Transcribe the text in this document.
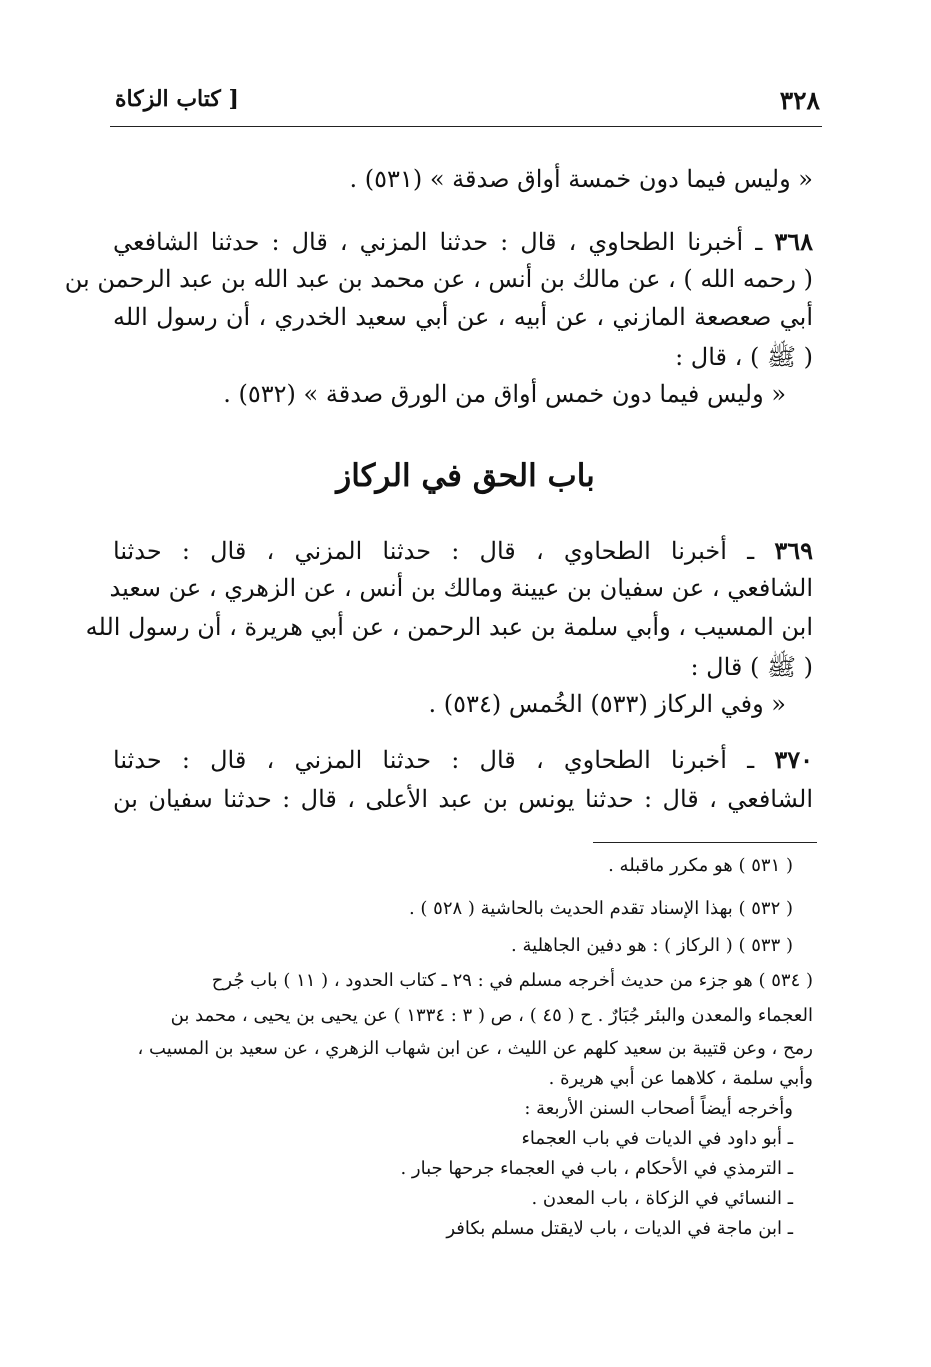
٣٢٨
[ كتاب الزكاة
« وليس فيما دون خمسة أواق صدقة » (٥٣١) .
٣٦٨ ـ أخبرنا الطحاوي ، قال : حدثنا المزني ، قال : حدثنا الشافعي
( رحمه الله ) ، عن مالك بن أنس ، عن محمد بن عبد الله بن عبد الرحمن بن
أبي صعصعة المازني ، عن أبيه ، عن أبي سعيد الخدري ، أن رسول الله
( ﷺ ) ، قال :
« وليس فيما دون خمس أواق من الورق صدقة » (٥٣٢) .
باب الحق في الركاز
٣٦٩ ـ أخبرنا الطحاوي ، قال : حدثنا المزني ، قال : حدثنا
الشافعي ، عن سفيان بن عيينة ومالك بن أنس ، عن الزهري ، عن سعيد
ابن المسيب ، وأبي سلمة بن عبد الرحمن ، عن أبي هريرة ، أن رسول الله
( ﷺ ) قال :
« وفي الركاز (٥٣٣) الخُمس (٥٣٤) .
٣٧٠ ـ أخبرنا الطحاوي ، قال : حدثنا المزني ، قال : حدثنا
الشافعي ، قال : حدثنا يونس بن عبد الأعلى ، قال : حدثنا سفيان بن
( ٥٣١ ) هو مكرر ماقبله .
( ٥٣٢ ) بهذا الإسناد تقدم الحديث بالحاشية ( ٥٢٨ ) .
( ٥٣٣ ) ( الركاز ) : هو دفين الجاهلية .
( ٥٣٤ ) هو جزء من حديث أخرجه مسلم في : ٢٩ ـ كتاب الحدود ، ( ١١ ) باب جُرح
العجماء والمعدن والبئر جُبَارٌ . ح ( ٤٥ ) ، ص ( ٣ : ١٣٣٤ ) عن يحيى بن يحيى ، محمد بن
رمح ، وعن قتيبة بن سعيد كلهم عن الليث ، عن ابن شهاب الزهري ، عن سعيد بن المسيب ،
وأبي سلمة ، كلاهما عن أبي هريرة .
وأخرجه أيضاً أصحاب السنن الأربعة :
ـ أبو داود في الديات في باب العجماء
ـ الترمذي في الأحكام ، باب في العجماء جرحها جبار .
ـ النسائي في الزكاة ، باب المعدن .
ـ ابن ماجة في الديات ، باب لايقتل مسلم بكافر
